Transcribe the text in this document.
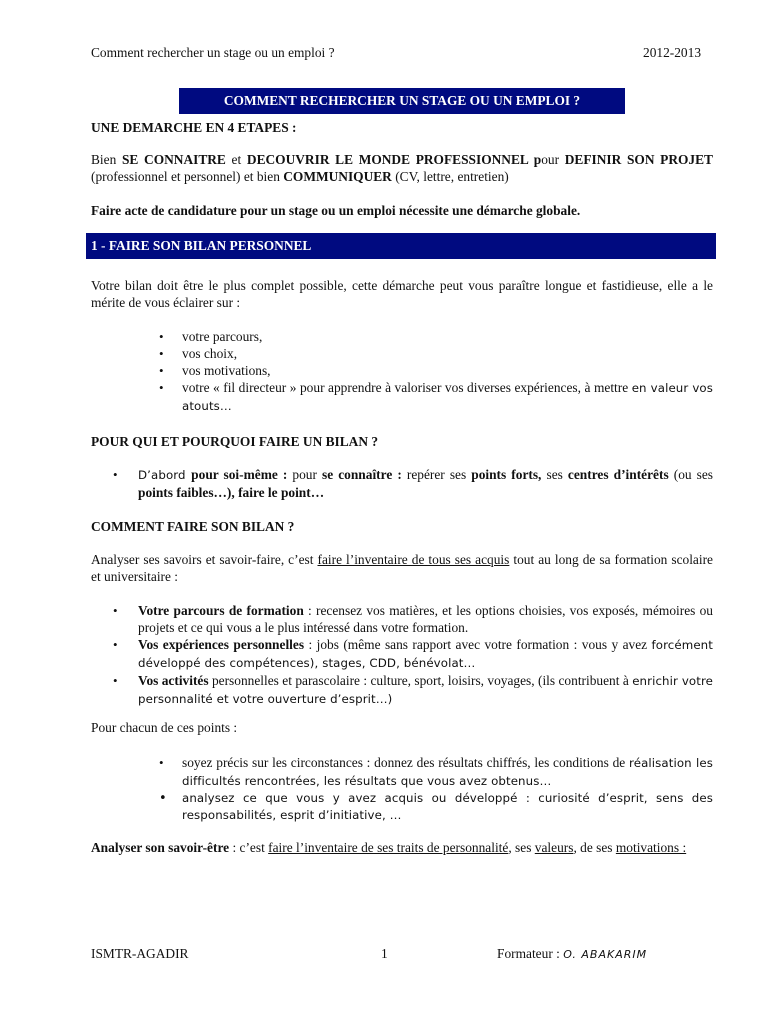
Comment rechercher un stage ou un emploi ?	2012-2013
COMMENT RECHERCHER UN STAGE OU UN EMPLOI ?
UNE DEMARCHE EN 4 ETAPES :
Bien SE CONNAITRE et DECOUVRIR LE MONDE PROFESSIONNEL pour DEFINIR SON PROJET (professionnel et personnel) et bien COMMUNIQUER (CV, lettre, entretien)
Faire acte de candidature pour un stage ou un emploi nécessite une démarche globale.
1 - FAIRE SON BILAN PERSONNEL
Votre bilan doit être le plus complet possible, cette démarche peut vous paraître longue et fastidieuse, elle a le mérite de vous éclairer sur :
• votre parcours,
• vos choix,
• vos motivations,
• votre « fil directeur » pour apprendre à valoriser vos diverses expériences, à mettre en valeur vos atouts…
POUR QUI ET POURQUOI FAIRE UN BILAN ?
• D’abord pour soi-même : pour se connaître : repérer ses points forts, ses centres d’intérêts (ou ses points faibles…), faire le point…
COMMENT FAIRE SON BILAN ?
Analyser ses savoirs et savoir-faire, c’est faire l’inventaire de tous ses acquis tout au long de sa formation scolaire et universitaire :
• Votre parcours de formation : recensez vos matières, et les options choisies, vos exposés, mémoires ou projets et ce qui vous a le plus intéressé dans votre formation.
• Vos expériences personnelles : jobs (même sans rapport avec votre formation : vous y avez forcément développé des compétences), stages, CDD, bénévolat…
• Vos activités personnelles et parascolaire : culture, sport, loisirs, voyages, (ils contribuent à enrichir votre personnalité et votre ouverture d’esprit…)
Pour chacun de ces points :
• soyez précis sur les circonstances : donnez des résultats chiffrés, les conditions de réalisation les difficultés rencontrées, les résultats que vous avez obtenus…
• analysez ce que vous y avez acquis ou développé : curiosité d’esprit, sens des responsabilités, esprit d’initiative, …
Analyser son savoir-être : c’est faire l’inventaire de ses traits de personnalité, ses valeurs, de ses motivations :
ISMTR-AGADIR	1	Formateur : O. ABAKARIM
